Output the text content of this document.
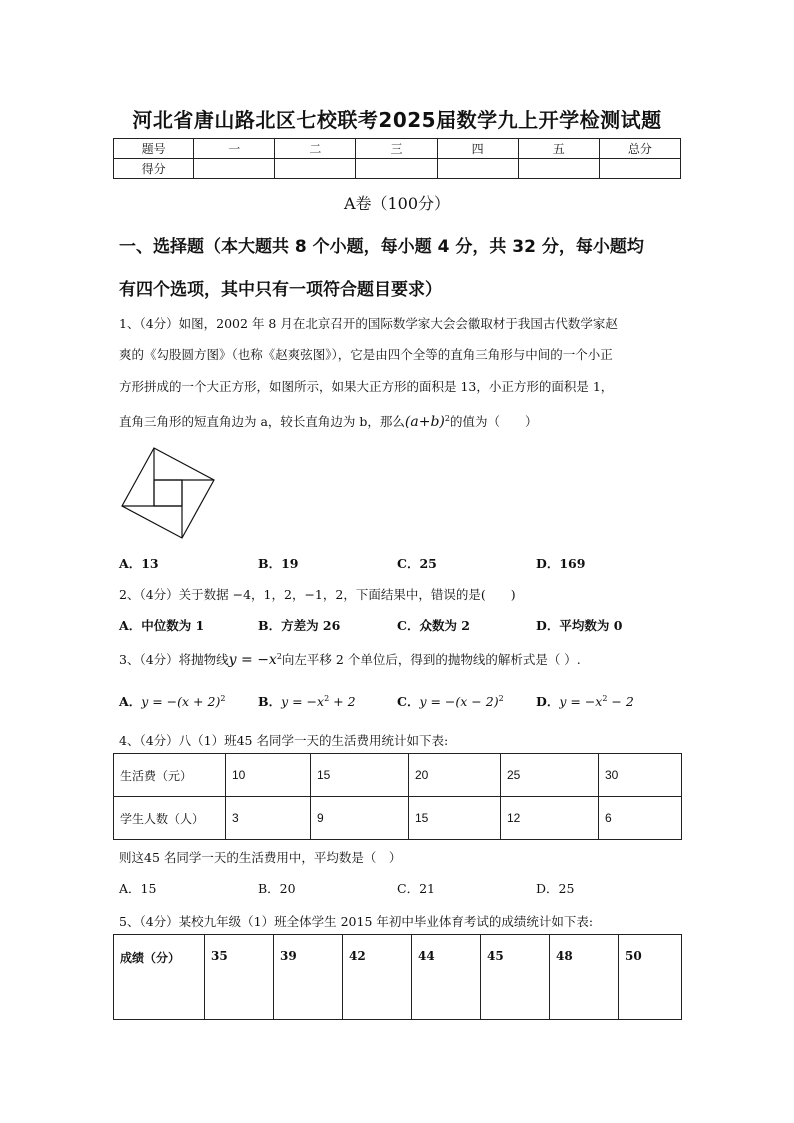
河北省唐山路北区七校联考2025届数学九上开学检测试题
题号	一	二	三	四	五	总分
得分						
A卷（100分）
一、选择题（本大题共 8 个小题，每小题 4 分，共 32 分，每小题均
有四个选项，其中只有一项符合题目要求）
1、（4分）如图，2002 年 8 月在北京召开的国际数学家大会会徽取材于我国古代数学家赵
爽的《勾股圆方图》（也称《赵爽弦图》），它是由四个全等的直角三角形与中间的一个小正
方形拼成的一个大正方形，如图所示，如果大正方形的面积是 13，小正方形的面积是 1，
直角三角形的短直角边为 a，较长直角边为 b，那么$(a+b)^2$的值为（　　）
A．13	B．19	C．25	D．169
2、（4分）关于数据 −4，1，2，−1，2，下面结果中，错误的是(　　)
A．中位数为 1	B．方差为 26	C．众数为 2	D．平均数为 0
3、（4分）将抛物线$y = -x^2$向左平移 2 个单位后，得到的抛物线的解析式是（ ）.
A．$y = -(x + 2)^2$	B．$y = -x^2 + 2$	C．$y = -(x - 2)^2$	D．$y = -x^2 - 2$
4、（4分）八（1）班45 名同学一天的生活费用统计如下表:
生活费（元）	10	15	20	25	30
学生人数（人）	3	9	15	12	6
则这45 名同学一天的生活费用中，平均数是（　）
A．15	B．20	C．21	D．25
5、（4分）某校九年级（1）班全体学生 2015 年初中毕业体育考试的成绩统计如下表:
成绩（分）	35	39	42	44	45	48	50
